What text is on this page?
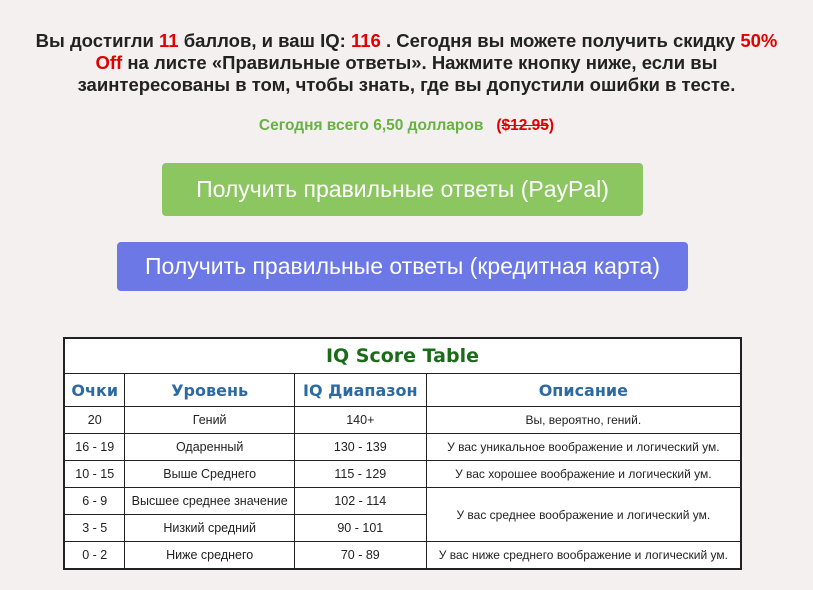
Вы достигли 11 баллов, и ваш IQ: 116 . Сегодня вы можете получить скидку 50% Off на листе «Правильные ответы». Нажмите кнопку ниже, если вы заинтересованы в том, чтобы знать, где вы допустили ошибки в тесте.
Сегодня всего 6,50 долларов ($12.95)
Получить правильные ответы (PayPal)
Получить правильные ответы (кредитная карта)
IQ Score Table			
Очки	Уровень	IQ Диапазон	Описание
20	Гений	140+	Вы, вероятно, гений.
16 - 19	Одаренный	130 - 139	У вас уникальное воображение и логический ум.
10 - 15	Выше Среднего	115 - 129	У вас хорошее воображение и логический ум.
6 - 9	Высшее среднее значение	102 - 114	У вас среднее воображение и логический ум.
3 - 5	Низкий средний	90 - 101	
0 - 2	Ниже среднего	70 - 89	У вас ниже среднего воображение и логический ум.
